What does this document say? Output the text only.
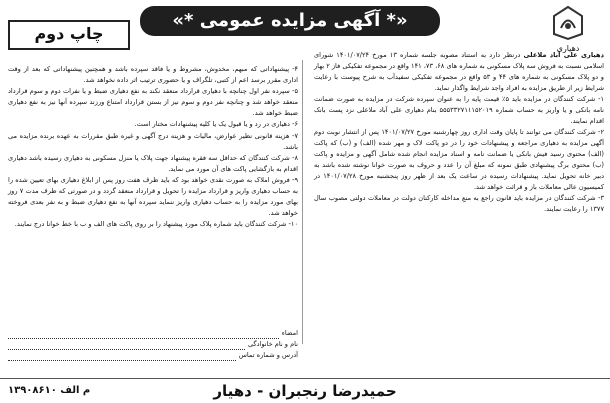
دهیاری
«* آگهی مزایده عمومی *»
چاپ دوم

دهیاری علی آباد ملاعلی درنظر دارد به استناد مصوبه جلسه شماره ۱۳ مورخ ۱۴۰۱/۰۷/۲۴ شورای اسلامی نسبت به فروش سه پلاک مسکونی به شماره های ۶۸، ۷۳، ۱۴۱ واقع در مجموعه تفکیکی فاز ۲ بهار و دو پلاک مسکونی به شماره های ۴۴ و ۵۳ واقع در مجموعه تفکیکی سفیدآب به شرح پیوست با رعایت شرایط زیر از طریق مزایده به افراد واجد شرایط واگذار نماید.

۱- شرکت کنندگان در مزایده باید ۵٪ قیمت پایه را به عنوان سپرده شرکت در مزایده به صورت ضمانت نامه بانکی و یا واریز به حساب شماره ۵۵۵۳۳۲۷۱۱۱۵۲۰۱۹ بنام دهیاری علی آباد ملاعلی نزد پست بانک اقدام نمایند.

۲- شرکت کنندگان می توانند تا پایان وقت اداری روز چهارشنبه مورخ ۱۴۰۱/۰۷/۲۷ پس از انتشار نوبت دوم آگهی مزایده به دهیاری مراجعه و پیشنهادات خود را در دو پاکت لاک و مهر شده (الف) و (ب) که پاکت (الف) محتوی رسید فیش بانکی یا ضمانت نامه و اسناد مزایده انجام شده شامل آگهی و مزایده و پاکت (ب) محتوی برگ پیشنهادی طبق نمونه که مبلغ آن را عدد و حروف به صورت خوانا نوشته شده باشد به دبیر خانه تحویل نماید. پیشنهادات رسیده در ساعت یک بعد از ظهر روز پنجشنبه مورخ ۱۴۰۱/۰۷/۲۸ در کمیسیون عالی معاملات باز و قرائت خواهد شد.

۳- شرکت کنندگان در مزایده باید قانون راجع به منع مداخله کارکنان دولت در معاملات دولتی مصوب سال ۱۳۷۷ را رعایت نمایند.

۴- پیشنهاداتی که مبهم، مخدوش، مشروط و یا فاقد سپرده باشد و همچنین پیشنهاداتی که بعد از وقت اداری مقرر برسد اعم از کتبی، تلگراف و یا حضوری ترتیب اثر داده نخواهد شد.

۵- سپرده نفر اول چنانچه با دهیاری قرارداد منعقد نکند به نفع دهیاری ضبط و یا نفرات دوم و سوم قرارداد منعقد خواهد شد و چنانچه نفر دوم و سوم نیز از بستن قرارداد امتناع ورزند سپرده آنها نیز به نفع دهیاری ضبط خواهد شد.

۶- دهیاری در رد و یا قبول یک یا کلیه پیشنهادات مختار است.

۷- هزینه قانونی نظیر عوارض، مالیات و هزینه درج آگهی و غیره طبق مقررات به عهده برنده مزایده می باشد.

۸- شرکت کنندگان که حداقل سه فقره پیشنهاد جهت پلاک یا منزل مسکونی به دهیاری رسیده باشد دهیاری اقدام به بازگشایی پاکت های آن مورد می نماید.

۹- فروش املاک به صورت نقدی خواهد بود که باید ظرف هفت روز پس از ابلاغ دهیاری بهای تعیین شده را به حساب دهیاری واریز و قرارداد مزایده را تحویل و قرارداد منعقد گردد و در صورتی که ظرف مدت ۷ روز بهای مورد مزایده را به حساب دهیاری واریز ننماید سپرده آنها به نفع دهیاری ضبط و به نفر بعدی فروخته خواهد شد.

۱۰- شرکت کنندگان باید شماره پلاک مورد پیشنهاد را بر روی پاکت های الف و ب با خط خوانا درج نمایند.

امضاء
نام و نام خانوادگی
آدرس و شماره تماس
حمیدرضا رنجبران - دهیار
م الف ۱۳۹۰۸۶۱۰
